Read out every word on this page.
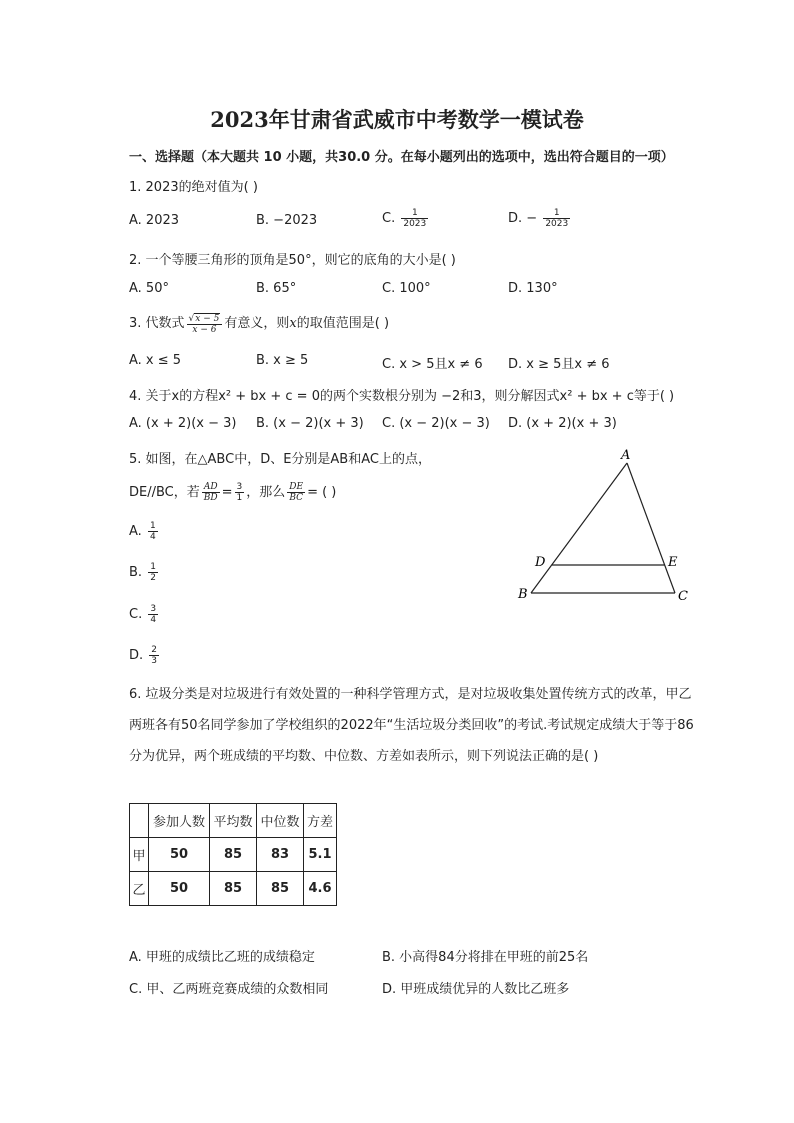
2023年甘肃省武威市中考数学一模试卷
一、选择题（本大题共 10 小题，共30.0 分。在每小题列出的选项中，选出符合题目的一项）
1. 2023的绝对值为( )
A. 2023	B. −2023	C. $\frac{1}{2023}$	D. − $\frac{1}{2023}$
2. 一个等腰三角形的顶角是50°，则它的底角的大小是( )
A. 50°	B. 65°	C. 100°	D. 130°
3. 代数式 $\frac{√x - 5}{x - 6}$ 有意义，则x的取值范围是( )
A. x ≤ 5	B. x ≥ 5	C. x > 5且x ≠ 6 D. x ≥ 5且x ≠ 6
4. 关于x的方程x² + bx + c = 0的两个实数根分别为 −2和3，则分解因式x² + bx + c等于( )
A. (x + 2)(x − 3) B. (x − 2)(x + 3) C. (x − 2)(x − 3) D. (x + 2)(x + 3)
5. 如图，在△ABC中，D、E分别是AB和AC上的点，
DE//BC，若 $\frac{AD}{BD} = \frac{3}{1}$ ，那么 $\frac{DE}{BC}$ = ( )
A. $\frac{1}{4}$
B. $\frac{1}{2}$
C. $\frac{3}{4}$
D. $\frac{2}{3}$
A
B	C
D	E
6. 垃圾分类是对垃圾进行有效处置的一种科学管理方式，是对垃圾收集处置传统方式的改革，甲乙两班各有50名同学参加了学校组织的2022年“生活垃圾分类回收”的考试.考试规定成绩大于等于86分为优异，两个班成绩的平均数、中位数、方差如表所示，则下列说法正确的是( )
	参加人数	平均数	中位数	方差
甲	50	85	83	5.1
乙	50	85	85	4.6
A. 甲班的成绩比乙班的成绩稳定	B. 小高得84分将排在甲班的前25名
C. 甲、乙两班竞赛成绩的众数相同	D. 甲班成绩优异的人数比乙班多
